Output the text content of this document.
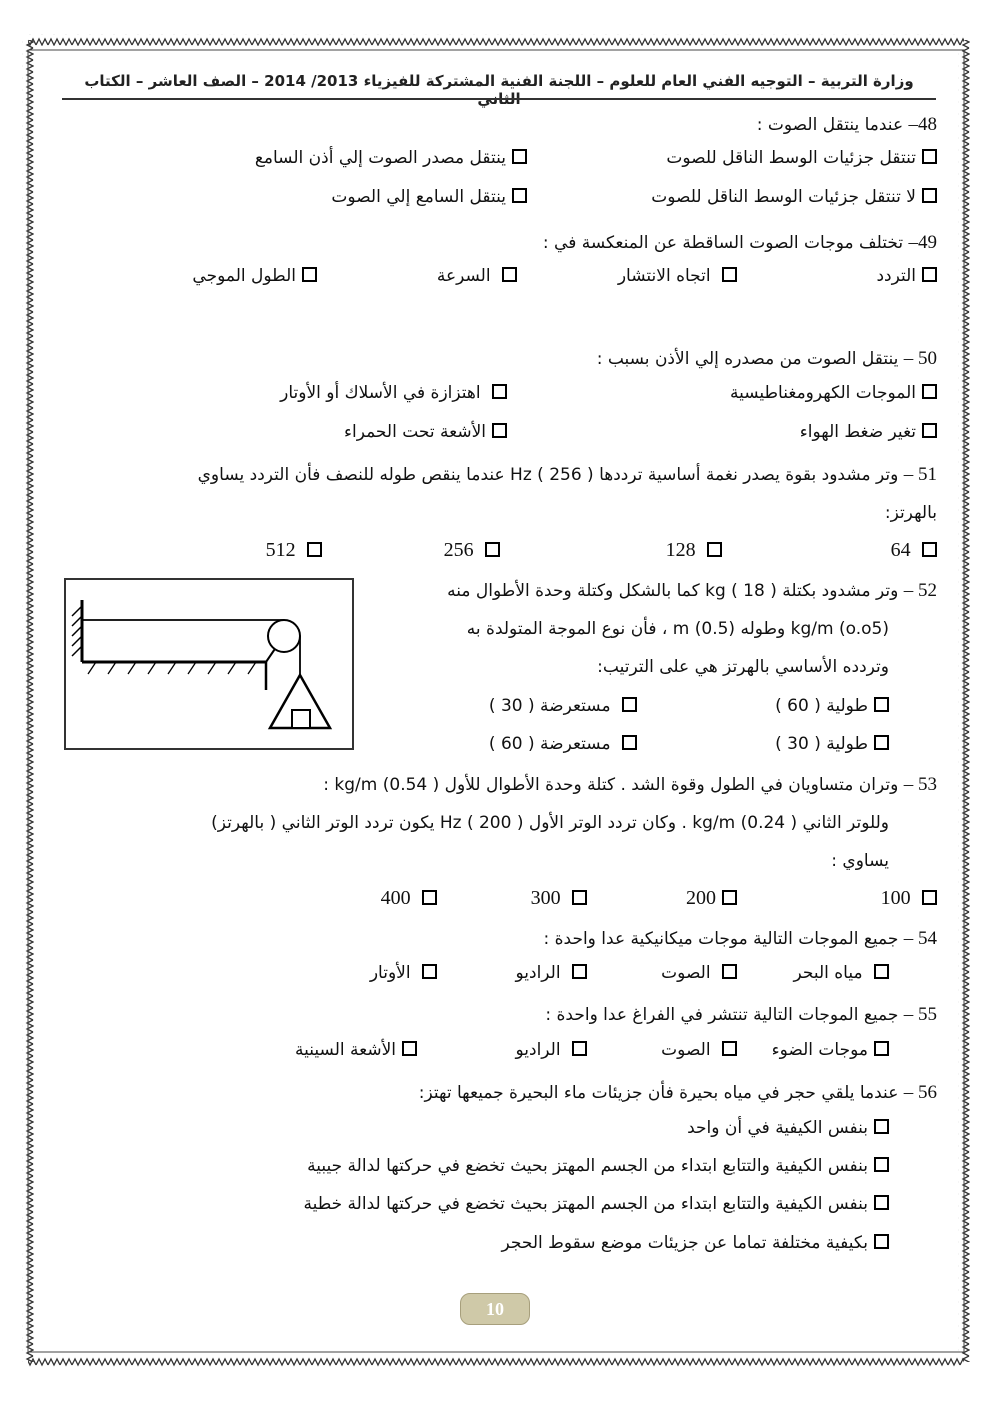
وزارة التربية – التوجيه الفني العام للعلوم – اللجنة الفنية المشتركة للفيزياء 2013/ 2014 – الصف العاشر – الكتاب الثاني
48– عندما ينتقل الصوت :
تنتقل جزئيات الوسط الناقل للصوت
ينتقل مصدر الصوت إلي أذن السامع
لا تنتقل جزئيات الوسط الناقل للصوت
ينتقل السامع إلي الصوت
49– تختلف موجات الصوت الساقطة عن المنعكسة في :
التردد
اتجاه الانتشار
السرعة
الطول الموجي
50 – ينتقل الصوت من مصدره إلي الأذن بسبب :
الموجات الكهرومغناطيسية
اهتزازة في الأسلاك أو الأوتار
تغير ضغط الهواء
الأشعة تحت الحمراء
51 – وتر مشدود بقوة يصدر نغمة أساسية ترددها Hz ( 256 ) عندما ينقص طوله للنصف فأن التردد يساوي
بالهرتز:
64
128
256
512
52 – وتر مشدود بكتلة kg ( 18 ) كما بالشكل وكتلة وحدة الأطوال منه
kg/m (o.o5) وطوله m (0.5) ، فأن نوع الموجة المتولدة به
وتردده الأساسي بالهرتز هي على الترتيب:
طولية ( 60 )
مستعرضة ( 30 )
طولية ( 30 )
مستعرضة ( 60 )
53 – وتران متساويان في الطول وقوة الشد . كتلة وحدة الأطوال للأول kg/m (0.54 ) :
وللوتر الثاني kg/m (0.24 ) . وكان تردد الوتر الأول Hz ( 200 ) يكون تردد الوتر الثاني ( بالهرتز)
يساوي :
100
200
300
400
54 – جميع الموجات التالية موجات ميكانيكية عدا واحدة :
مياه البحر
الصوت
الراديو
الأوتار
55 – جميع الموجات التالية تنتشر في الفراغ عدا واحدة :
موجات الضوء
الصوت
الراديو
الأشعة السينية
56 – عندما يلقي حجر في مياه بحيرة فأن جزيئات ماء البحيرة جميعها تهتز:
بنفس الكيفية في أن واحد
بنفس الكيفية والتتابع ابتداء من الجسم المهتز بحيث تخضع في حركتها لدالة جيبية
بنفس الكيفية والتتابع ابتداء من الجسم المهتز بحيث تخضع في حركتها لدالة خطية
بكيفية مختلفة تماما عن جزيئات موضع سقوط الحجر
10
